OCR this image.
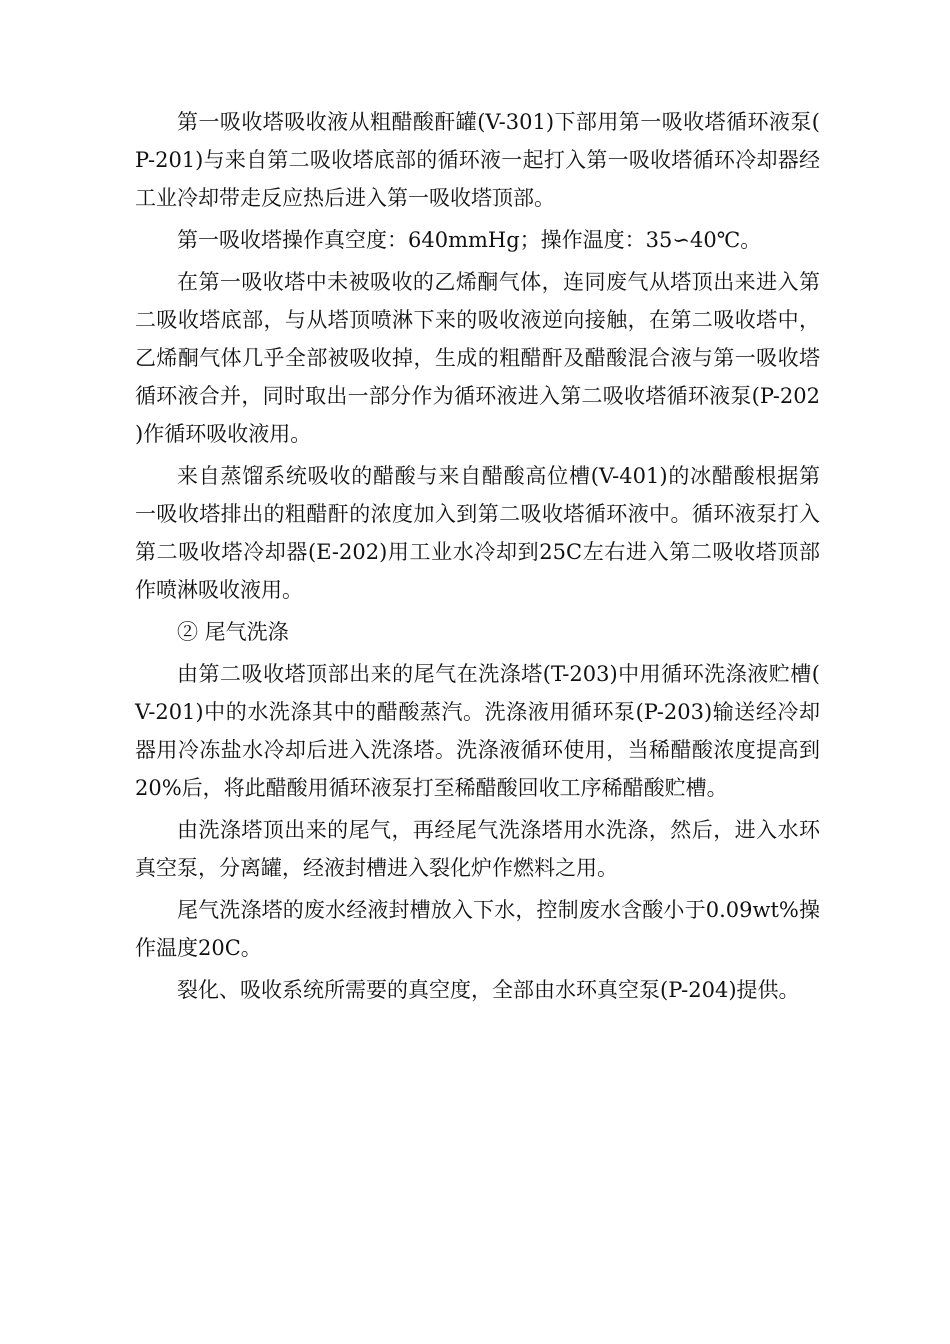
第一吸收塔吸收液从粗醋酸酐罐(V-301)下部用第一吸收塔循环液泵(P-201)与来自第二吸收塔底部的循环液一起打入第一吸收塔循环冷却器经工业冷却带走反应热后进入第一吸收塔顶部。

第一吸收塔操作真空度：640mmHg；操作温度：35∽40℃。

在第一吸收塔中未被吸收的乙烯酮气体，连同废气从塔顶出来进入第二吸收塔底部，与从塔顶喷淋下来的吸收液逆向接触，在第二吸收塔中，乙烯酮气体几乎全部被吸收掉，生成的粗醋酐及醋酸混合液与第一吸收塔循环液合并，同时取出一部分作为循环液进入第二吸收塔循环液泵(P-202)作循环吸收液用。

来自蒸馏系统吸收的醋酸与来自醋酸高位槽(V-401)的冰醋酸根据第一吸收塔排出的粗醋酐的浓度加入到第二吸收塔循环液中。循环液泵打入第二吸收塔冷却器(E-202)用工业水冷却到25C左右进入第二吸收塔顶部作喷淋吸收液用。

② 尾气洗涤

由第二吸收塔顶部出来的尾气在洗涤塔(T-203)中用循环洗涤液贮槽(V-201)中的水洗涤其中的醋酸蒸汽。洗涤液用循环泵(P-203)输送经冷却器用冷冻盐水冷却后进入洗涤塔。洗涤液循环使用，当稀醋酸浓度提高到20%后，将此醋酸用循环液泵打至稀醋酸回收工序稀醋酸贮槽。

由洗涤塔顶出来的尾气，再经尾气洗涤塔用水洗涤，然后，进入水环真空泵，分离罐，经液封槽进入裂化炉作燃料之用。

尾气洗涤塔的废水经液封槽放入下水，控制废水含酸小于0.09wt%操作温度20C。

裂化、吸收系统所需要的真空度，全部由水环真空泵(P-204)提供。
